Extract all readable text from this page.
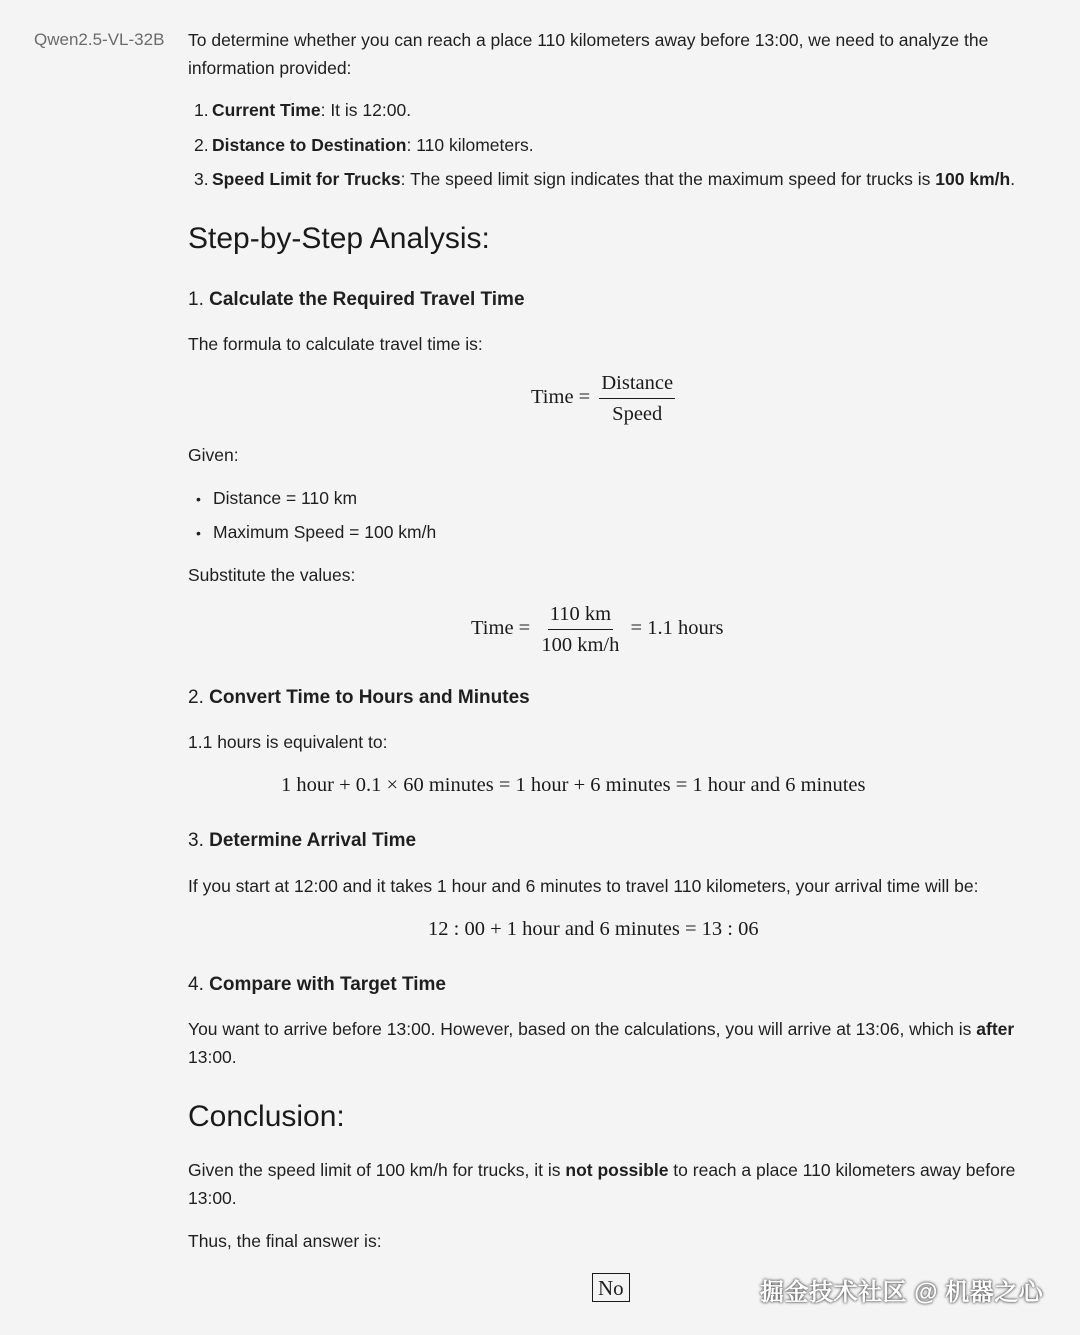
Qwen2.5-VL-32B To determine whether you can reach a place 110 kilometers away before 13:00, we need to analyze the
information provided:
1. Current Time: It is 12:00.
2. Distance to Destination: 110 kilometers.
3. Speed Limit for Trucks: The speed limit sign indicates that the maximum speed for trucks is 100 km/h.
Step-by-Step Analysis:
1. Calculate the Required Travel Time
The formula to calculate travel time is:
Time = $\frac{\text{Distance}}{\text{Speed}}$
Given:
• Distance = 110 km
• Maximum Speed = 100 km/h
Substitute the values:
Time = $\frac{110 km}{100 km/h} = 1.1$ hours
2. Convert Time to Hours and Minutes
1.1 hours is equivalent to:
1 hour + 0.1 × 60 minutes = 1 hour + 6 minutes = 1 hour and 6 minutes
3. Determine Arrival Time
If you start at 12:00 and it takes 1 hour and 6 minutes to travel 110 kilometers, your arrival time will be:
12 : 00 + 1 hour and 6 minutes = 13 : 06
4. Compare with Target Time
You want to arrive before 13:00. However, based on the calculations, you will arrive at 13:06, which is after
13:00.
Conclusion:
Given the speed limit of 100 km/h for trucks, it is not possible to reach a place 110 kilometers away before
13:00.
Thus, the final answer is:
No	掘金技术社区 @ 机器之心
